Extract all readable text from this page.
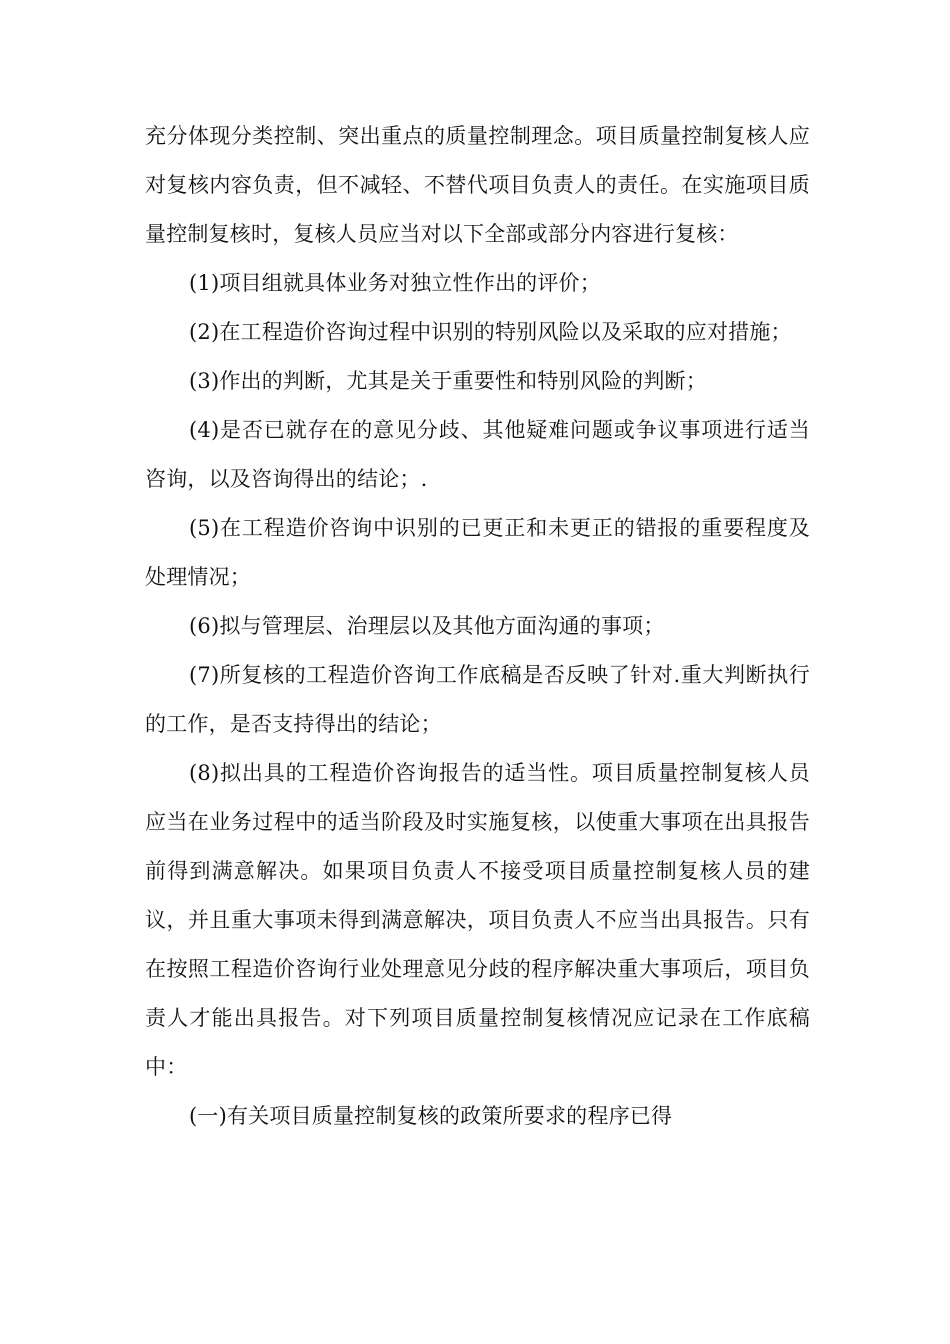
充分体现分类控制、突出重点的质量控制理念。项目质量控制复核人应对复核内容负责，但不减轻、不替代项目负责人的责任。在实施项目质量控制复核时，复核人员应当对以下全部或部分内容进行复核：

(1)项目组就具体业务对独立性作出的评价；

(2)在工程造价咨询过程中识别的特别风险以及采取的应对措施；

(3)作出的判断，尤其是关于重要性和特别风险的判断；

(4)是否已就存在的意见分歧、其他疑难问题或争议事项进行适当咨询，以及咨询得出的结论；.

(5)在工程造价咨询中识别的已更正和未更正的错报的重要程度及处理情况；

(6)拟与管理层、治理层以及其他方面沟通的事项；

(7)所复核的工程造价咨询工作底稿是否反映了针对.重大判断执行的工作，是否支持得出的结论；

(8)拟出具的工程造价咨询报告的适当性。项目质量控制复核人员应当在业务过程中的适当阶段及时实施复核，以使重大事项在出具报告前得到满意解决。如果项目负责人不接受项目质量控制复核人员的建议，并且重大事项未得到满意解决，项目负责人不应当出具报告。只有在按照工程造价咨询行业处理意见分歧的程序解决重大事项后，项目负责人才能出具报告。对下列项目质量控制复核情况应记录在工作底稿中：

(一)有关项目质量控制复核的政策所要求的程序已得
